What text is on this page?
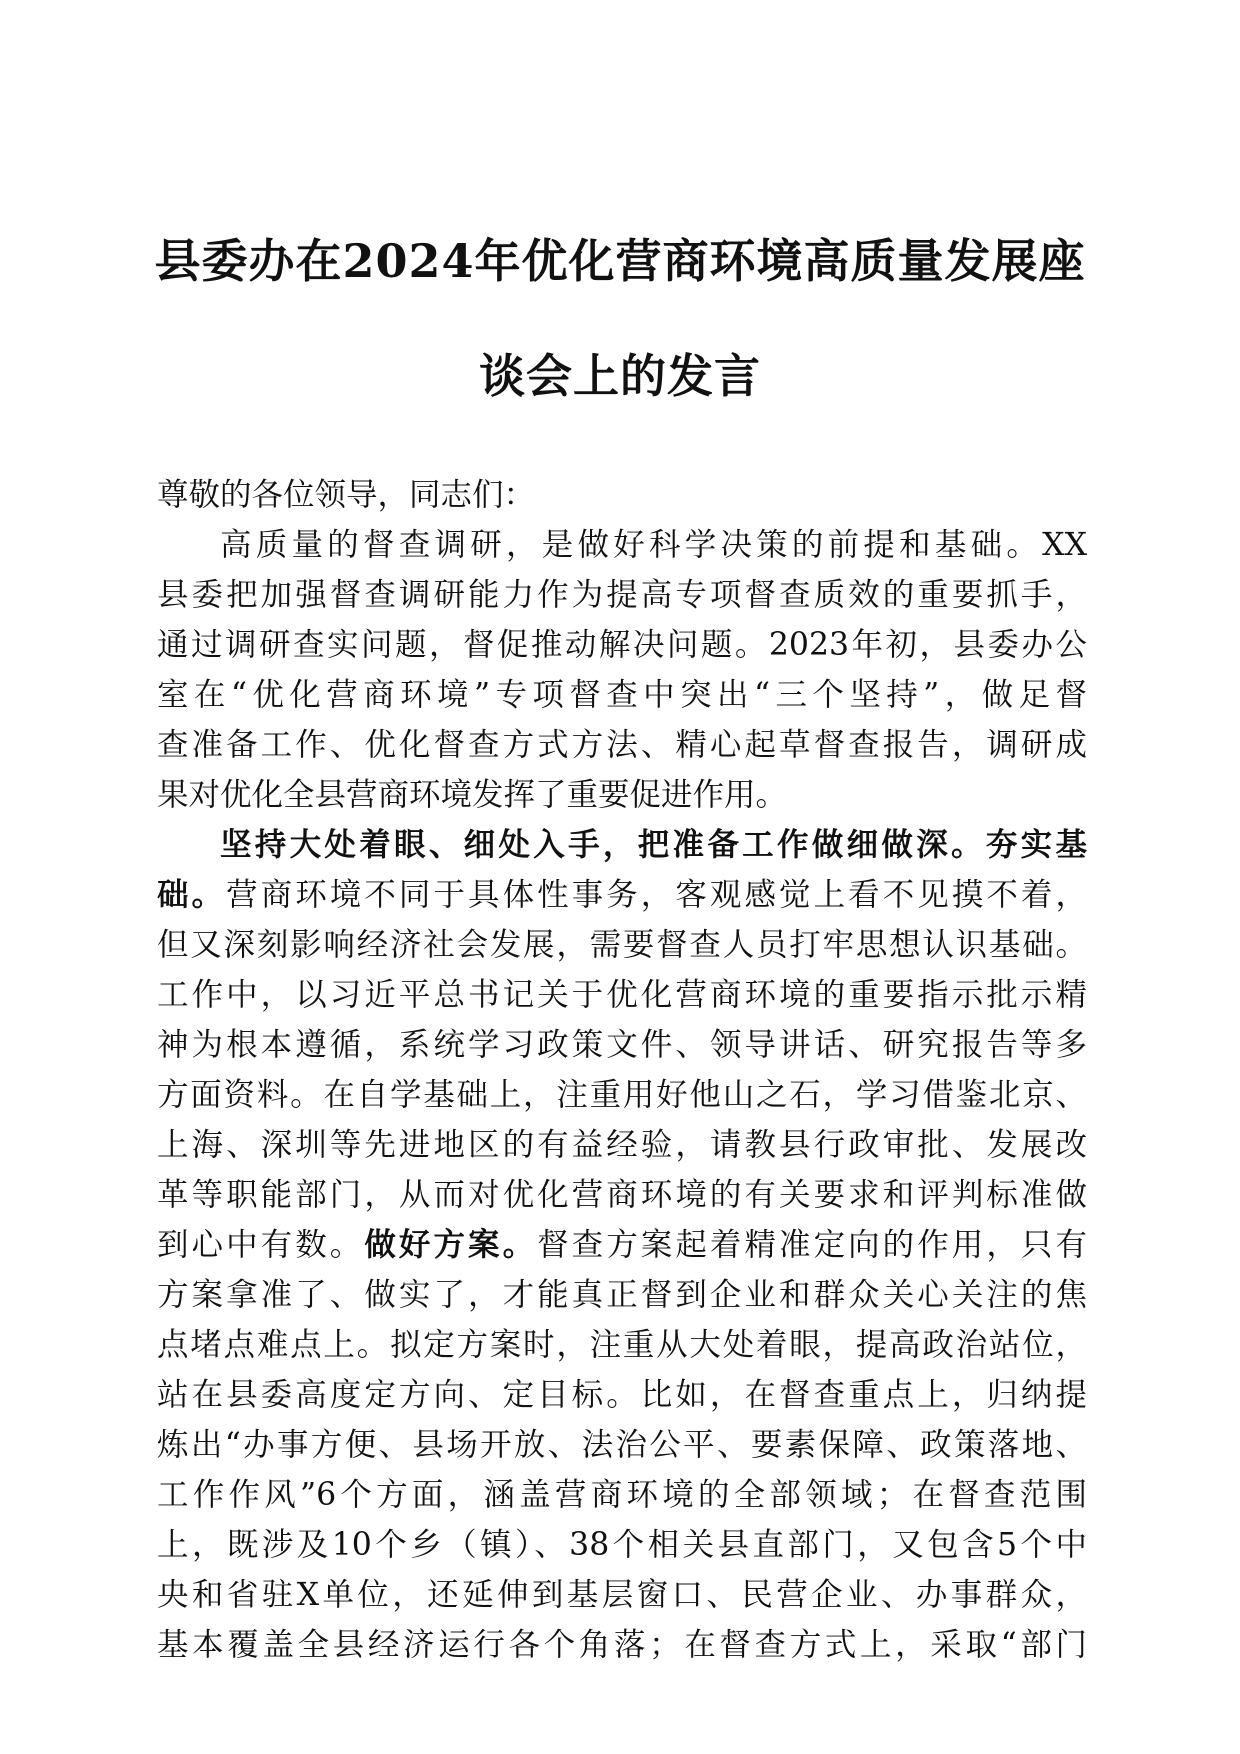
县委办在2024年优化营商环境高质量发展座
谈会上的发言
尊敬的各位领导，同志们：
高质量的督查调研，是做好科学决策的前提和基础。XX
县委把加强督查调研能力作为提高专项督查质效的重要抓手，
通过调研查实问题，督促推动解决问题。2023年初，县委办公
室在“优化营商环境”专项督查中突出“三个坚持”，做足督
查准备工作、优化督查方式方法、精心起草督查报告，调研成
果对优化全县营商环境发挥了重要促进作用。
坚持大处着眼、细处入手，把准备工作做细做深。夯实基
础。营商环境不同于具体性事务，客观感觉上看不见摸不着，
但又深刻影响经济社会发展，需要督查人员打牢思想认识基础。
工作中，以习近平总书记关于优化营商环境的重要指示批示精
神为根本遵循，系统学习政策文件、领导讲话、研究报告等多
方面资料。在自学基础上，注重用好他山之石，学习借鉴北京、
上海、深圳等先进地区的有益经验，请教县行政审批、发展改
革等职能部门，从而对优化营商环境的有关要求和评判标准做
到心中有数。做好方案。督查方案起着精准定向的作用，只有
方案拿准了、做实了，才能真正督到企业和群众关心关注的焦
点堵点难点上。拟定方案时，注重从大处着眼，提高政治站位，
站在县委高度定方向、定目标。比如，在督查重点上，归纳提
炼出“办事方便、县场开放、法治公平、要素保障、政策落地、
工作作风”6个方面，涵盖营商环境的全部领域；在督查范围
上，既涉及10个乡（镇）、38个相关县直部门，又包含5个中
央和省驻X单位，还延伸到基层窗口、民营企业、办事群众，
基本覆盖全县经济运行各个角落；在督查方式上，采取“部门
